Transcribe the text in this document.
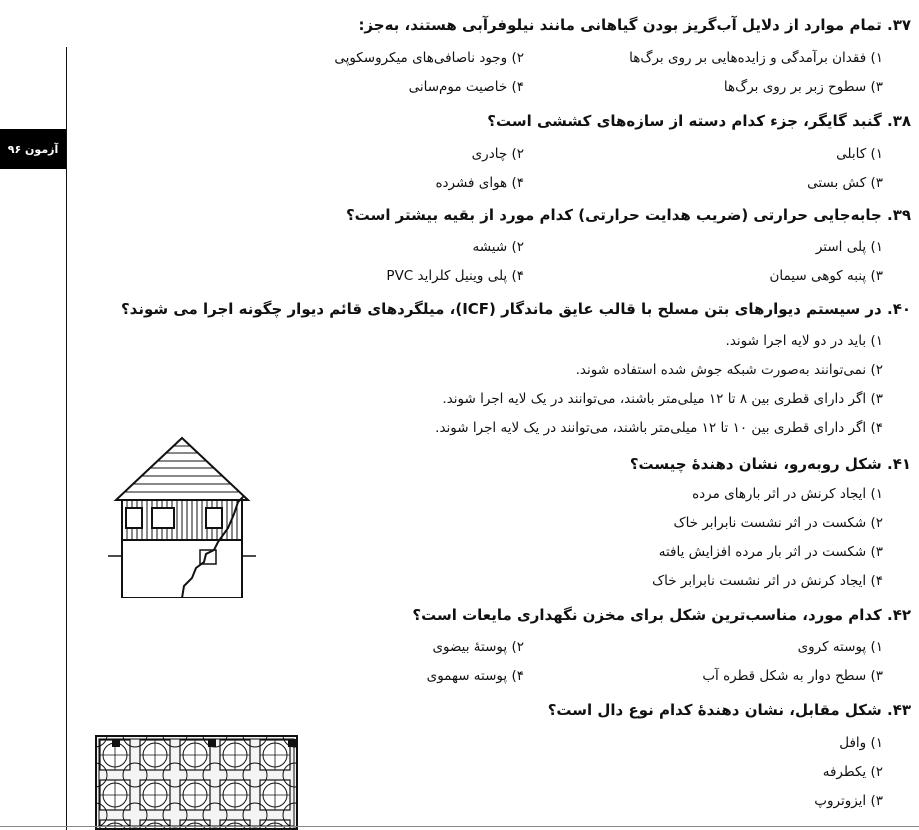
آزمون ۹۶
۳۷. تمام موارد از دلایل آب‌گریز بودن گیاهانی مانند نیلوفرآبی هستند، به‌جز:
۱) فقدان برآمدگی و زایده‌هایی بر روی برگ‌ها
۲) وجود ناصافی‌های میکروسکوپی
۳) سطوح زبر بر روی برگ‌ها
۴) خاصیت موم‌سانی
۳۸. گنبد گایگر، جزء کدام دسته از سازه‌های کششی است؟
۱) کابلی
۲) چادری
۳) کش بستی
۴) هوای فشرده
۳۹. جابه‌جایی حرارتی (ضریب هدایت حرارتی) کدام مورد از بقیه بیشتر است؟
۱) پلی استر
۲) شیشه
۳) پنبه کوهی سیمان
۴) پلی وینیل کلراید PVC
۴۰. در سیستم دیوارهای بتن مسلح با قالب عایق ماندگار (ICF)، میلگردهای قائم دیوار چگونه اجرا می شوند؟
۱) باید در دو لایه اجرا شوند.
۲) نمی‌توانند به‌صورت شبکه جوش شده استفاده شوند.
۳) اگر دارای قطری بین ۸ تا ۱۲ میلی‌متر باشند، می‌توانند در یک لایه اجرا شوند.
۴) اگر دارای قطری بین ۱۰ تا ۱۲ میلی‌متر باشند، می‌توانند در یک لایه اجرا شوند.
۴۱. شکل روبه‌رو، نشان دهندهٔ چیست؟
۱) ایجاد کرنش در اثر بارهای مرده
۲) شکست در اثر نشست نابرابر خاک
۳) شکست در اثر بار مرده افزایش یافته
۴) ایجاد کرنش در اثر نشست نابرابر خاک
۴۲. کدام مورد، مناسب‌ترین شکل برای مخزن نگهداری مایعات است؟
۱) پوسته کروی
۲) پوستهٔ بیضوی
۳) سطح دوار به شکل قطره آب
۴) پوسته سهموی
۴۳. شکل مقابل، نشان دهندهٔ کدام نوع دال است؟
۱) وافل
۲) یکطرفه
۳) ایزوتروپ
